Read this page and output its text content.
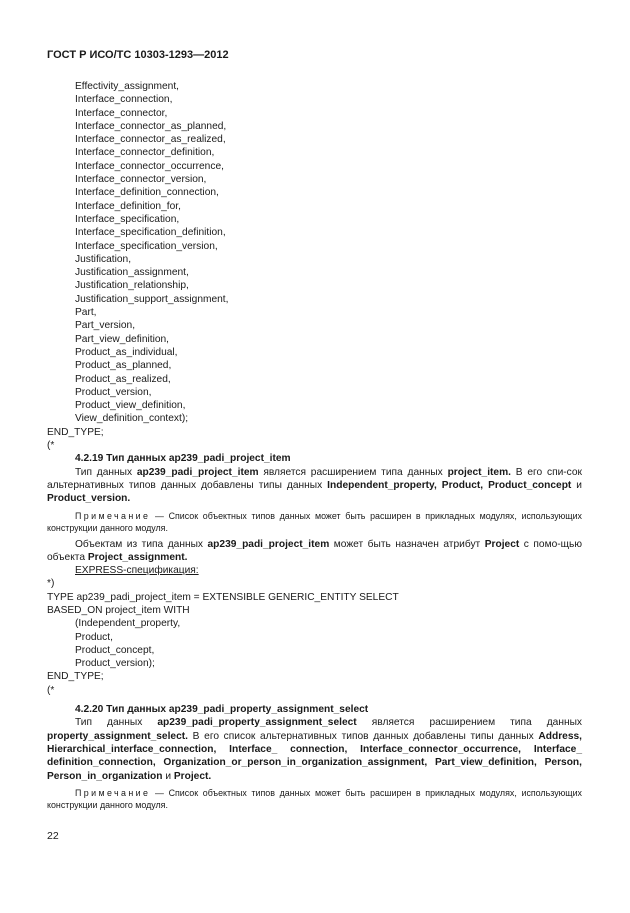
ГОСТ Р ИСО/ТС 10303-1293—2012
Effectivity_assignment,
Interface_connection,
Interface_connector,
Interface_connector_as_planned,
Interface_connector_as_realized,
Interface_connector_definition,
Interface_connector_occurrence,
Interface_connector_version,
Interface_definition_connection,
Interface_definition_for,
Interface_specification,
Interface_specification_definition,
Interface_specification_version,
Justification,
Justification_assignment,
Justification_relationship,
Justification_support_assignment,
Part,
Part_version,
Part_view_definition,
Product_as_individual,
Product_as_planned,
Product_as_realized,
Product_version,
Product_view_definition,
View_definition_context);
END_TYPE;
(*
4.2.19 Тип данных ap239_padi_project_item
Тип данных ap239_padi_project_item является расширением типа данных project_item. В его спи-сок альтернативных типов данных добавлены типы данных Independent_property, Product, Product_concept и Product_version.
Примечание — Список объектных типов данных может быть расширен в прикладных модулях, использующих конструкции данного модуля.
Объектам из типа данных ap239_padi_project_item может быть назначен атрибут Project с помо-щью объекта Project_assignment.
EXPRESS-спецификация:
*)
TYPE ap239_padi_project_item = EXTENSIBLE GENERIC_ENTITY SELECT
BASED_ON project_item WITH
(Independent_property,
Product,
Product_concept,
Product_version);
END_TYPE;
(*
4.2.20 Тип данных ap239_padi_property_assignment_select
Тип данных ap239_padi_property_assignment_select является расширением типа данных property_assignment_select. В его список альтернативных типов данных добавлены типы данных Address, Hierarchical_interface_connection, Interface_ connection, Interface_connector_occurrence, Interface_ definition_connection, Organization_or_person_in_organization_assignment, Part_view_definition, Person, Person_in_organization и Project.
Примечание — Список объектных типов данных может быть расширен в прикладных модулях, использующих конструкции данного модуля.
22
